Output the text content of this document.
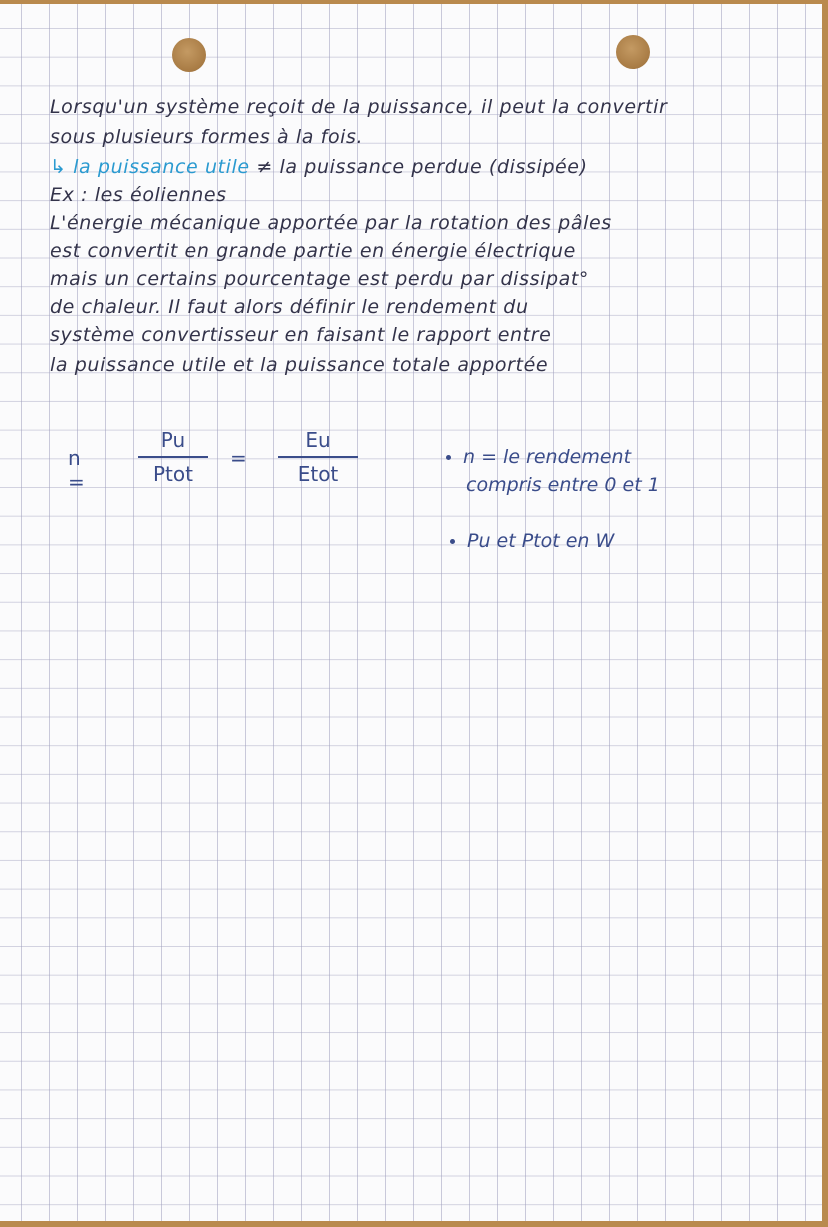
Lorsqu'un système reçoit de la puissance, il peut la convertir
sous plusieurs formes à la fois.
↳ la puissance utile ≠ la puissance perdue (dissipée)
Ex : les éoliennes
L'énergie mécanique apportée par la rotation des pâles
est convertit en grande partie en énergie électrique
mais un certains pourcentage est perdu par dissipat°
de chaleur. Il faut alors définir le rendement du
système convertisseur en faisant le rapport entre
la puissance utile et la puissance totale apportée
n =
Pu
Ptot
=
Eu
Etot
n = le rendement
compris entre 0 et 1
Pu et Ptot en W
